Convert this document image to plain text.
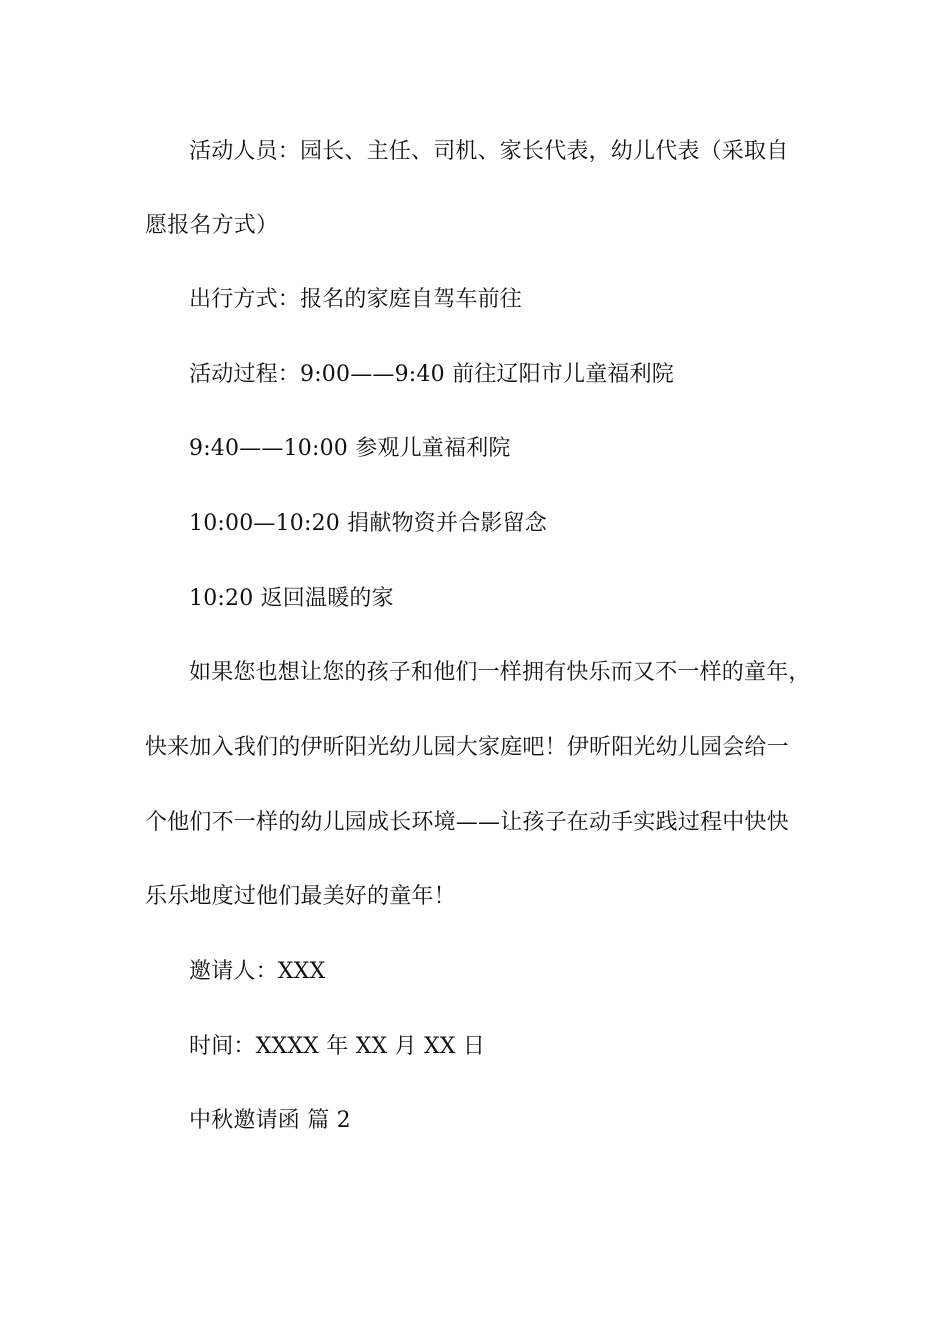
活动人员：园长、主任、司机、家长代表，幼儿代表（采取自
愿报名方式）
出行方式：报名的家庭自驾车前往
活动过程：9:00——9:40 前往辽阳市儿童福利院
9:40——10:00 参观儿童福利院
10:00—10:20 捐献物资并合影留念
10:20 返回温暖的家
如果您也想让您的孩子和他们一样拥有快乐而又不一样的童年，
快来加入我们的伊昕阳光幼儿园大家庭吧！伊昕阳光幼儿园会给一
个他们不一样的幼儿园成长环境——让孩子在动手实践过程中快快
乐乐地度过他们最美好的童年！
邀请人：XXX
时间：XXXX 年 XX 月 XX 日
中秋邀请函 篇 2
